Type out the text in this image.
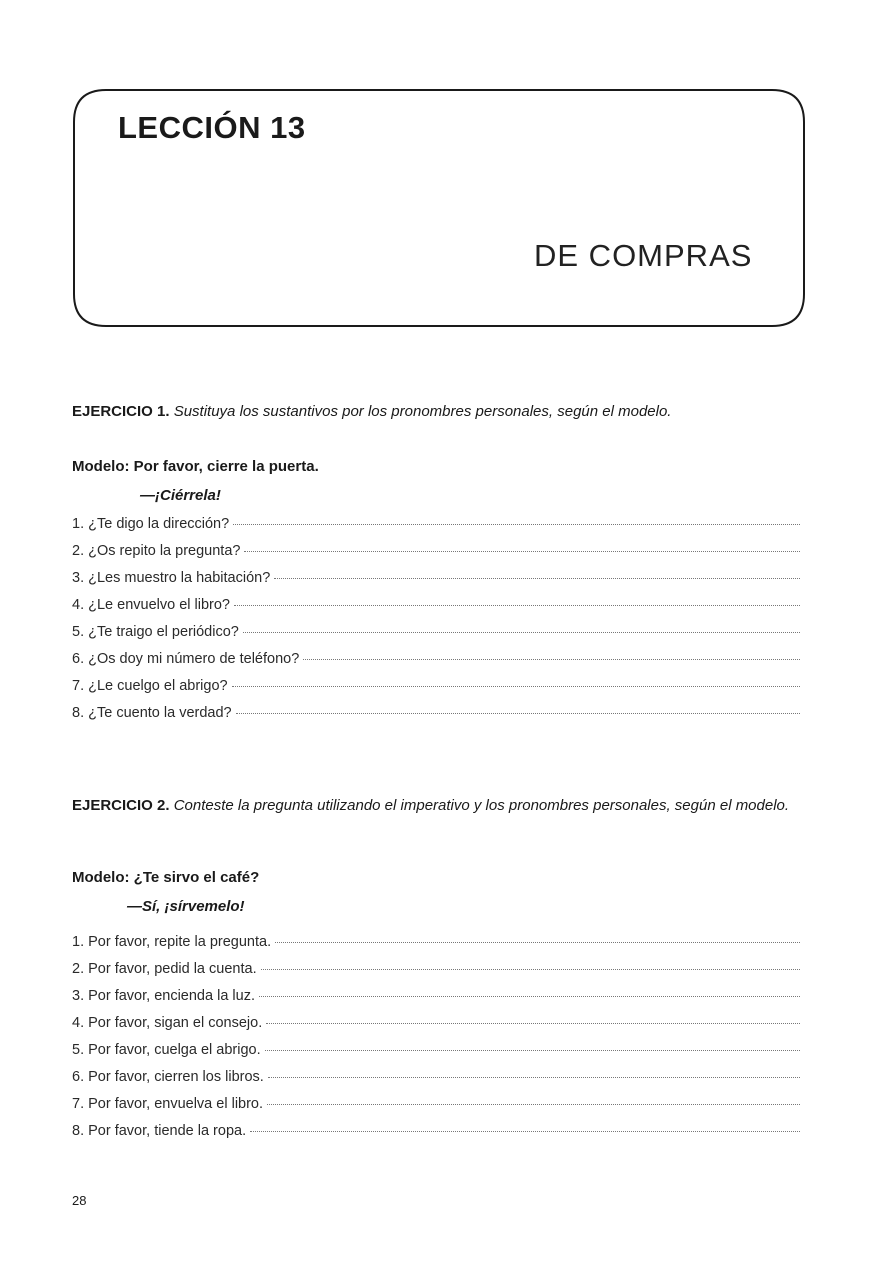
LECCIÓN 13
DE COMPRAS
EJERCICIO 1. Sustituya los sustantivos por los pronombres personales, según el modelo.
Modelo: Por favor, cierre la puerta.
—¡Ciérrela!
1. ¿Te digo la dirección?
2. ¿Os repito la pregunta?
3. ¿Les muestro la habitación?
4. ¿Le envuelvo el libro?
5. ¿Te traigo el periódico?
6. ¿Os doy mi número de teléfono?
7. ¿Le cuelgo el abrigo?
8. ¿Te cuento la verdad?
EJERCICIO 2. Conteste la pregunta utilizando el imperativo y los pronombres personales, según el modelo.
Modelo: ¿Te sirvo el café?
—Sí, ¡sírvemelo!
1. Por favor, repite la pregunta.
2. Por favor, pedid la cuenta.
3. Por favor, encienda la luz.
4. Por favor, sigan el consejo.
5. Por favor, cuelga el abrigo.
6. Por favor, cierren los libros.
7. Por favor, envuelva el libro.
8. Por favor, tiende la ropa.
28
